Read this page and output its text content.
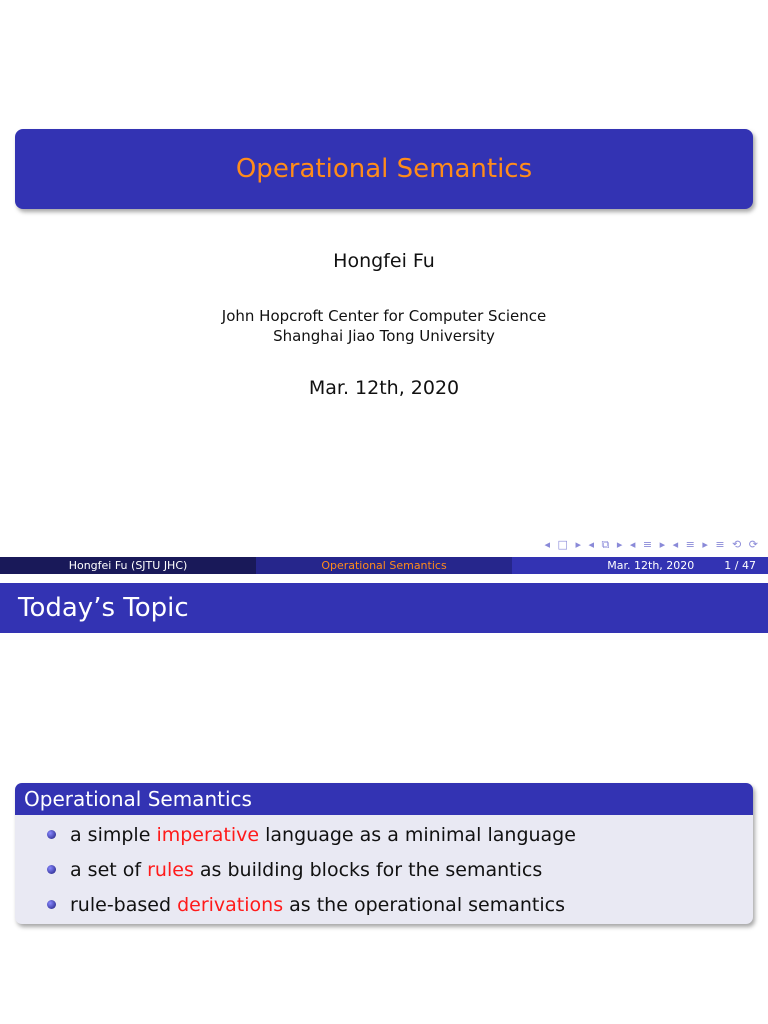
Operational Semantics
Hongfei Fu
John Hopcroft Center for Computer Science
Shanghai Jiao Tong University
Mar. 12th, 2020
◂ □ ▸ ◂ ⧉ ▸ ◂ ≡ ▸ ◂ ≡ ▸ ≡ ⟲ ⟳
Hongfei Fu (SJTU JHC)	Operational Semantics	Mar. 12th, 2020	1 / 47
Today’s Topic
Operational Semantics
a simple imperative language as a minimal language
a set of rules as building blocks for the semantics
rule-based derivations as the operational semantics
